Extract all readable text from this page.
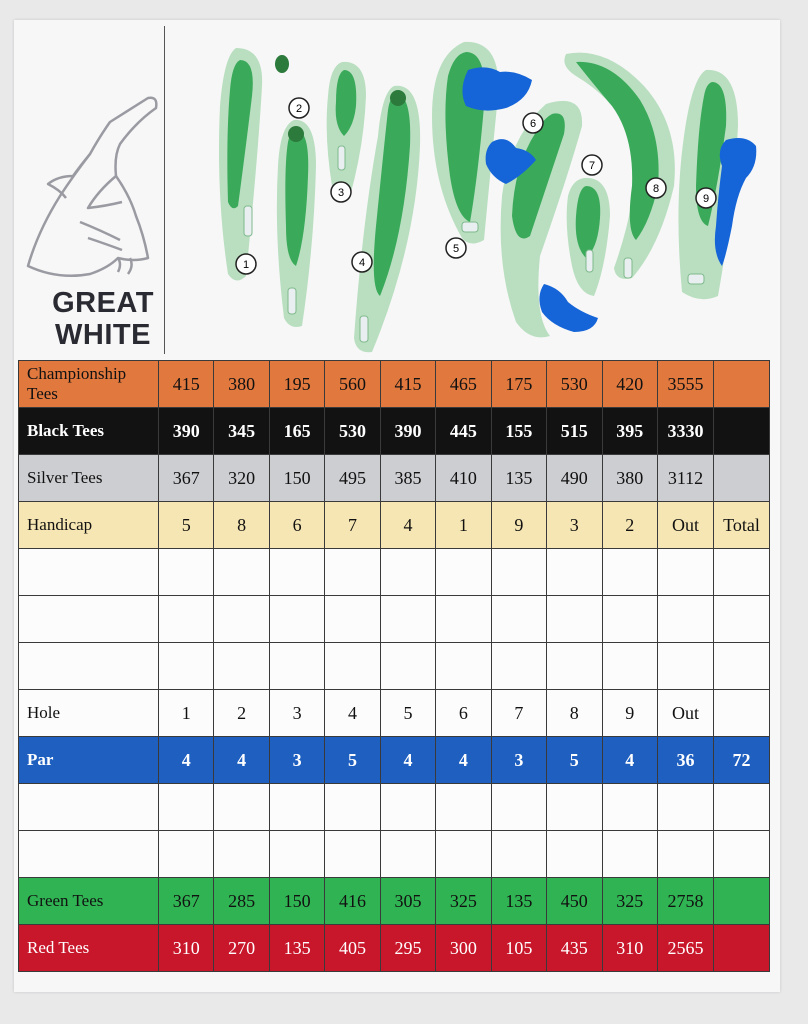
GREAT
WHITE
1
2
3
4
5
6
7
8
9
Championship Tees	415	380	195	560	415	465	175	530	420	3555	
Black Tees	390	345	165	530	390	445	155	515	395	3330	
Silver Tees	367	320	150	495	385	410	135	490	380	3112	
Handicap	5	8	6	7	4	1	9	3	2	Out	Total

Hole	1	2	3	4	5	6	7	8	9	Out	
Par	4	4	3	5	4	4	3	5	4	36	72

Green Tees	367	285	150	416	305	325	135	450	325	2758	
Red Tees	310	270	135	405	295	300	105	435	310	2565	
